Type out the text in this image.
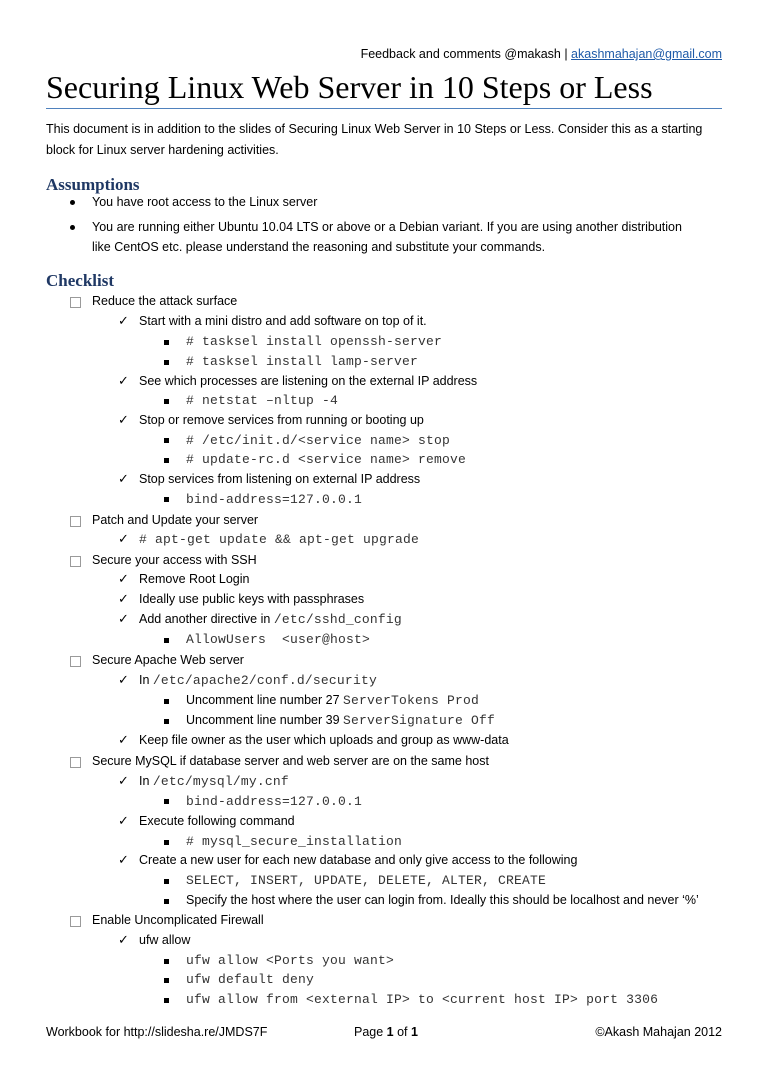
Feedback and comments @makash | akashmahajan@gmail.com
Securing Linux Web Server in 10 Steps or Less
This document is in addition to the slides of Securing Linux Web Server in 10 Steps or Less. Consider this as a starting block for Linux server hardening activities.
Assumptions
You have root access to the Linux server
You are running either Ubuntu 10.04 LTS or above or a Debian variant. If you are using another distribution
like CentOS etc. please understand the reasoning and substitute your commands.
Checklist
Reduce the attack surface
✓ Start with a mini distro and add software on top of it.
# tasksel install openssh-server
# tasksel install lamp-server
✓ See which processes are listening on the external IP address
# netstat –nltup -4
✓ Stop or remove services from running or booting up
# /etc/init.d/<service name> stop
# update-rc.d <service name> remove
✓ Stop services from listening on external IP address
bind-address=127.0.0.1
Patch and Update your server
✓ # apt-get update && apt-get upgrade
Secure your access with SSH
✓ Remove Root Login
✓ Ideally use public keys with passphrases
✓ Add another directive in /etc/sshd_config
AllowUsers  <user@host>
Secure Apache Web server
✓ In /etc/apache2/conf.d/security
Uncomment line number 27 ServerTokens Prod
Uncomment line number 39 ServerSignature Off
✓ Keep file owner as the user which uploads and group as www-data
Secure MySQL if database server and web server are on the same host
✓ In /etc/mysql/my.cnf
bind-address=127.0.0.1
✓ Execute following command
# mysql_secure_installation
✓ Create a new user for each new database and only give access to the following
SELECT, INSERT, UPDATE, DELETE, ALTER, CREATE
Specify the host where the user can login from. Ideally this should be localhost and never ‘%’
Enable Uncomplicated Firewall
✓ ufw allow
ufw allow <Ports you want>
ufw default deny
ufw allow from <external IP> to <current host IP> port 3306
Workbook for http://slidesha.re/JMDS7F	Page 1 of 1	©Akash Mahajan 2012
